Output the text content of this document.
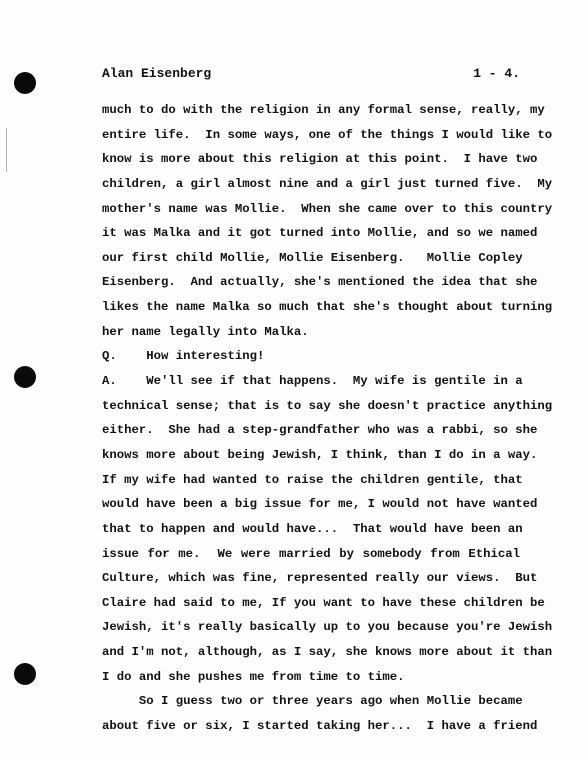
Alan Eisenberg	1 - 4.
much to do with the religion in any formal sense, really, my
entire life.  In some ways, one of the things I would like to
know is more about this religion at this point.  I have two
children, a girl almost nine and a girl just turned five.  My
mother's name was Mollie.  When she came over to this country
it was Malka and it got turned into Mollie, and so we named
our first child Mollie, Mollie Eisenberg.   Mollie Copley
Eisenberg.  And actually, she's mentioned the idea that she
likes the name Malka so much that she's thought about turning
her name legally into Malka.
Q.    How interesting!
A.    We'll see if that happens.  My wife is gentile in a
technical sense; that is to say she doesn't practice anything
either.  She had a step-grandfather who was a rabbi, so she
knows more about being Jewish, I think, than I do in a way.
If my wife had wanted to raise the children gentile, that
would have been a big issue for me, I would not have wanted
that to happen and would have...  That would have been an
issue for me.  We were married by somebody from Ethical
Culture, which was fine, represented really our views.  But
Claire had said to me, If you want to have these children be
Jewish, it's really basically up to you because you're Jewish
and I'm not, although, as I say, she knows more about it than
I do and she pushes me from time to time.
So I guess two or three years ago when Mollie became
about five or six, I started taking her...  I have a friend
